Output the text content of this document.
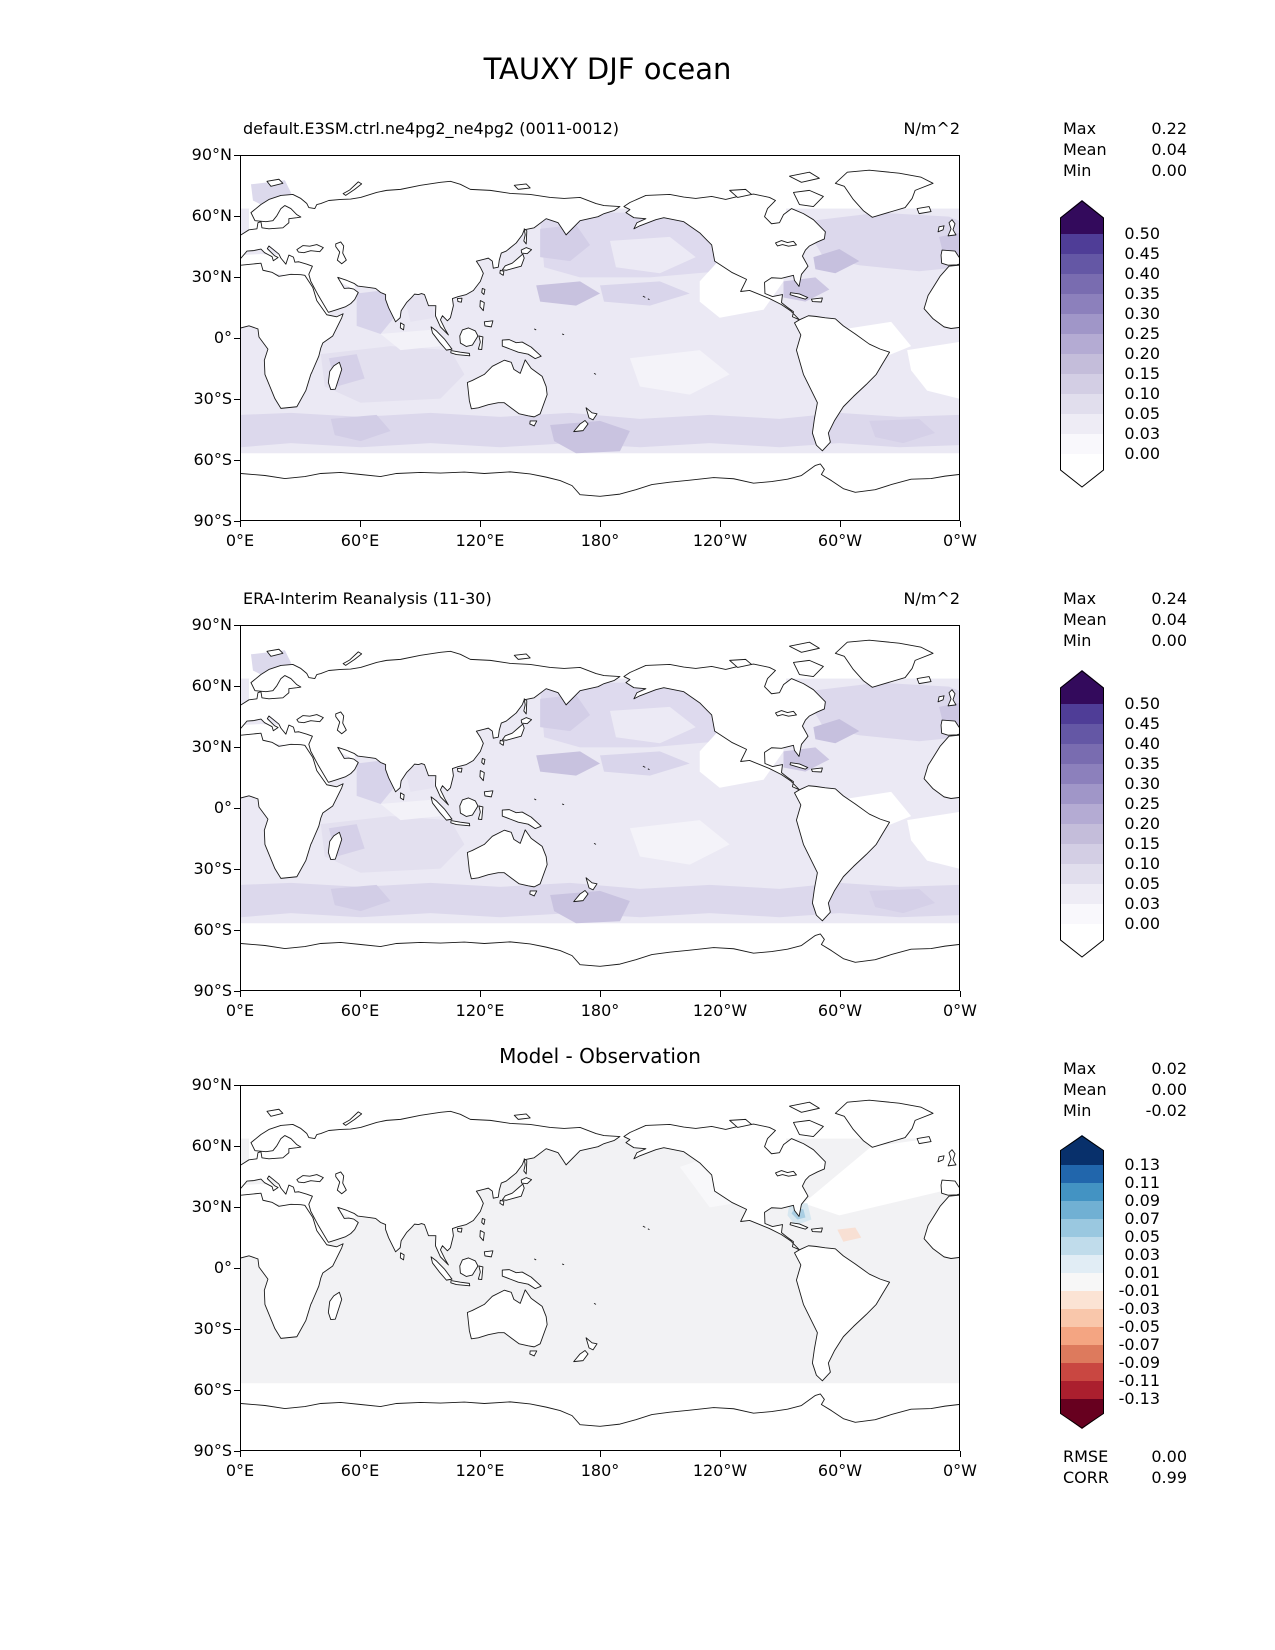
TAUXY DJF ocean
default.E3SM.ctrl.ne4pg2_ne4pg2 (0011-0012)	N/m^2
90°N
60°N
30°N
0°
30°S
60°S
90°S
0°E	60°E	120°E	180°	120°W	60°W	0°W
Max	0.22
Mean	0.04
Min	0.00
0.50
0.45
0.40
0.35
0.30
0.25
0.20
0.15
0.10
0.05
0.03
0.00
ERA-Interim Reanalysis (11-30)	N/m^2
90°N
60°N
30°N
0°
30°S
60°S
90°S
0°E	60°E	120°E	180°	120°W	60°W	0°W
Max	0.24
Mean	0.04
Min	0.00
0.50
0.45
0.40
0.35
0.30
0.25
0.20
0.15
0.10
0.05
0.03
0.00
Model - Observation
90°N
60°N
30°N
0°
30°S
60°S
90°S
0°E	60°E	120°E	180°	120°W	60°W	0°W
Max	0.02
Mean	0.00
Min	-0.02
0.13
0.11
0.09
0.07
0.05
0.03
0.01
-0.01
-0.03
-0.05
-0.07
-0.09
-0.11
-0.13
RMSE	0.00
CORR	0.99
